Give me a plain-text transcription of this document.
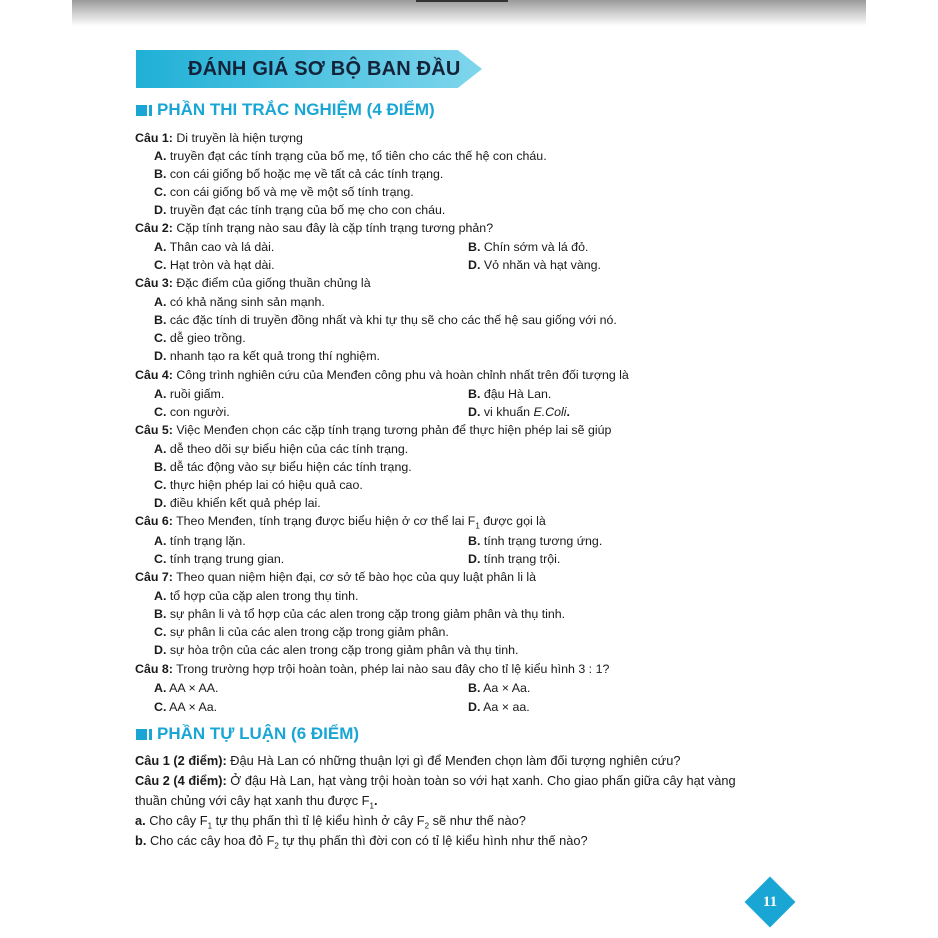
ĐÁNH GIÁ SƠ BỘ BAN ĐẦU
PHẦN THI TRẮC NGHIỆM (4 ĐIỂM)
Câu 1: Di truyền là hiện tượng
A. truyền đạt các tính trạng của bố mẹ, tổ tiên cho các thế hệ con cháu.
B. con cái giống bố hoặc mẹ về tất cả các tính trạng.
C. con cái giống bố và mẹ về một số tính trạng.
D. truyền đạt các tính trạng của bố mẹ cho con cháu.
Câu 2: Cặp tính trạng nào sau đây là cặp tính trạng tương phản?
A. Thân cao và lá dài.	B. Chín sớm và lá đỏ.
C. Hạt tròn và hạt dài.	D. Vỏ nhăn và hạt vàng.
Câu 3: Đặc điểm của giống thuần chủng là
A. có khả năng sinh sản mạnh.
B. các đặc tính di truyền đồng nhất và khi tự thụ sẽ cho các thế hệ sau giống với nó.
C. dễ gieo trồng.
D. nhanh tạo ra kết quả trong thí nghiệm.
Câu 4: Công trình nghiên cứu của Menđen công phu và hoàn chỉnh nhất trên đối tượng là
A. ruồi giấm.	B. đậu Hà Lan.
C. con người.	D. vi khuẩn E.Coli.
Câu 5: Việc Menđen chọn các cặp tính trạng tương phản để thực hiện phép lai sẽ giúp
A. dễ theo dõi sự biểu hiện của các tính trạng.
B. dễ tác động vào sự biểu hiện các tính trạng.
C. thực hiện phép lai có hiệu quả cao.
D. điều khiển kết quả phép lai.
Câu 6: Theo Menđen, tính trạng được biểu hiện ở cơ thể lai $F_1$ được gọi là
A. tính trạng lặn.	B. tính trạng tương ứng.
C. tính trạng trung gian.	D. tính trạng trội.
Câu 7: Theo quan niệm hiện đại, cơ sở tế bào học của quy luật phân li là
A. tổ hợp của cặp alen trong thụ tinh.
B. sự phân li và tổ hợp của các alen trong cặp trong giảm phân và thụ tinh.
C. sự phân li của các alen trong cặp trong giảm phân.
D. sự hòa trộn của các alen trong cặp trong giảm phân và thụ tinh.
Câu 8: Trong trường hợp trội hoàn toàn, phép lai nào sau đây cho tỉ lệ kiểu hình 3 : 1?
A. AA × AA.	B. Aa × Aa.
C. AA × Aa.	D. Aa × aa.
PHẦN TỰ LUẬN (6 ĐIỂM)
Câu 1 (2 điểm): Đậu Hà Lan có những thuận lợi gì để Menđen chọn làm đối tượng nghiên cứu?
Câu 2 (4 điểm): Ở đậu Hà Lan, hạt vàng trội hoàn toàn so với hạt xanh. Cho giao phấn giữa cây hạt vàng
thuần chủng với cây hạt xanh thu được $F_1$.
a. Cho cây $F_1$ tự thụ phấn thì tỉ lệ kiểu hình ở cây $F_2$ sẽ như thế nào?
b. Cho các cây hoa đỏ $F_2$ tự thụ phấn thì đời con có tỉ lệ kiểu hình như thế nào?
11
